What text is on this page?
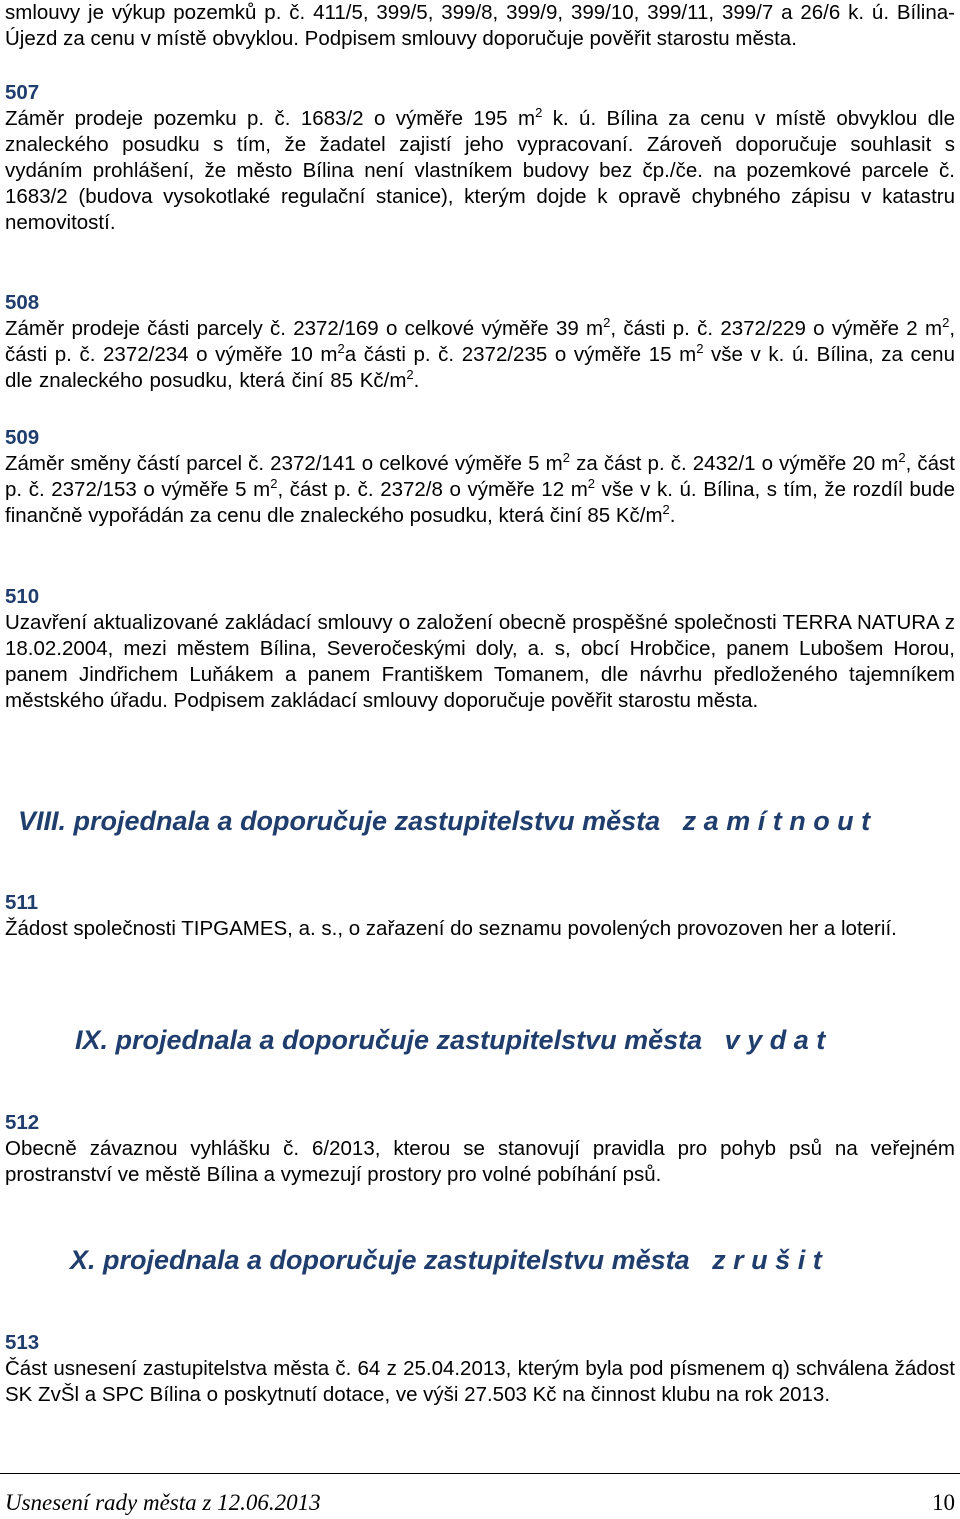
smlouvy je výkup pozemků p. č. 411/5, 399/5, 399/8, 399/9, 399/10, 399/11, 399/7 a 26/6 k. ú. Bílina-Újezd za cenu v místě obvyklou. Podpisem smlouvy doporučuje pověřit starostu města.

507

Záměr prodeje pozemku p. č. 1683/2 o výměře 195 $m^2$ k. ú. Bílina za cenu v místě obvyklou dle znaleckého posudku s tím, že žadatel zajistí jeho vypracovaní. Zároveň doporučuje souhlasit s vydáním prohlášení, že město Bílina není vlastníkem budovy bez čp./če. na pozemkové parcele č. 1683/2 (budova vysokotlaké regulační stanice), kterým dojde k opravě chybného zápisu v katastru nemovitostí.

508

Záměr prodeje části parcely č. 2372/169 o celkové výměře 39 $m^2$, části p. č. 2372/229 o výměře 2 $m^2$, části p. č. 2372/234 o výměře 10 $m^2a$ části p. č. 2372/235 o výměře 15 $m^2$ vše v k. ú. Bílina, za cenu dle znaleckého posudku, která činí 85 $Kč/m^2$.

509

Záměr směny částí parcel č. 2372/141 o celkové výměře 5 $m^2$ za část p. č. 2432/1 o výměře 20 $m^2$, část p. č. 2372/153 o výměře 5 $m^2$, část p. č. 2372/8 o výměře 12 $m^2$ vše v k. ú. Bílina, s tím, že rozdíl bude finančně vypořádán za cenu dle znaleckého posudku, která činí 85 $Kč/m^2$.

510

Uzavření aktualizované zakládací smlouvy o založení obecně prospěšné společnosti TERRA NATURA z 18.02.2004, mezi městem Bílina, Severočeskými doly, a. s, obcí Hrobčice, panem Lubošem Horou, panem Jindřichem Luňákem a panem Františkem Tomanem, dle návrhu předloženého tajemníkem městského úřadu. Podpisem zakládací smlouvy doporučuje pověřit starostu města.

VIII. projednala a doporučuje zastupitelstvu města z a m í t n o u t

511

Žádost společnosti TIPGAMES, a. s., o zařazení do seznamu povolených provozoven her a loterií.

IX. projednala a doporučuje zastupitelstvu města v y d a t

512

Obecně závaznou vyhlášku č. 6/2013, kterou se stanovují pravidla pro pohyb psů na veřejném prostranství ve městě Bílina a vymezují prostory pro volné pobíhání psů.

X. projednala a doporučuje zastupitelstvu města z r u š i t

513

Část usnesení zastupitelstva města č. 64 z 25.04.2013, kterým byla pod písmenem q) schválena žádost SK ZvŠl a SPC Bílina o poskytnutí dotace, ve výši 27.503 Kč na činnost klubu na rok 2013.

Usnesení rady města z 12.06.2013	10
